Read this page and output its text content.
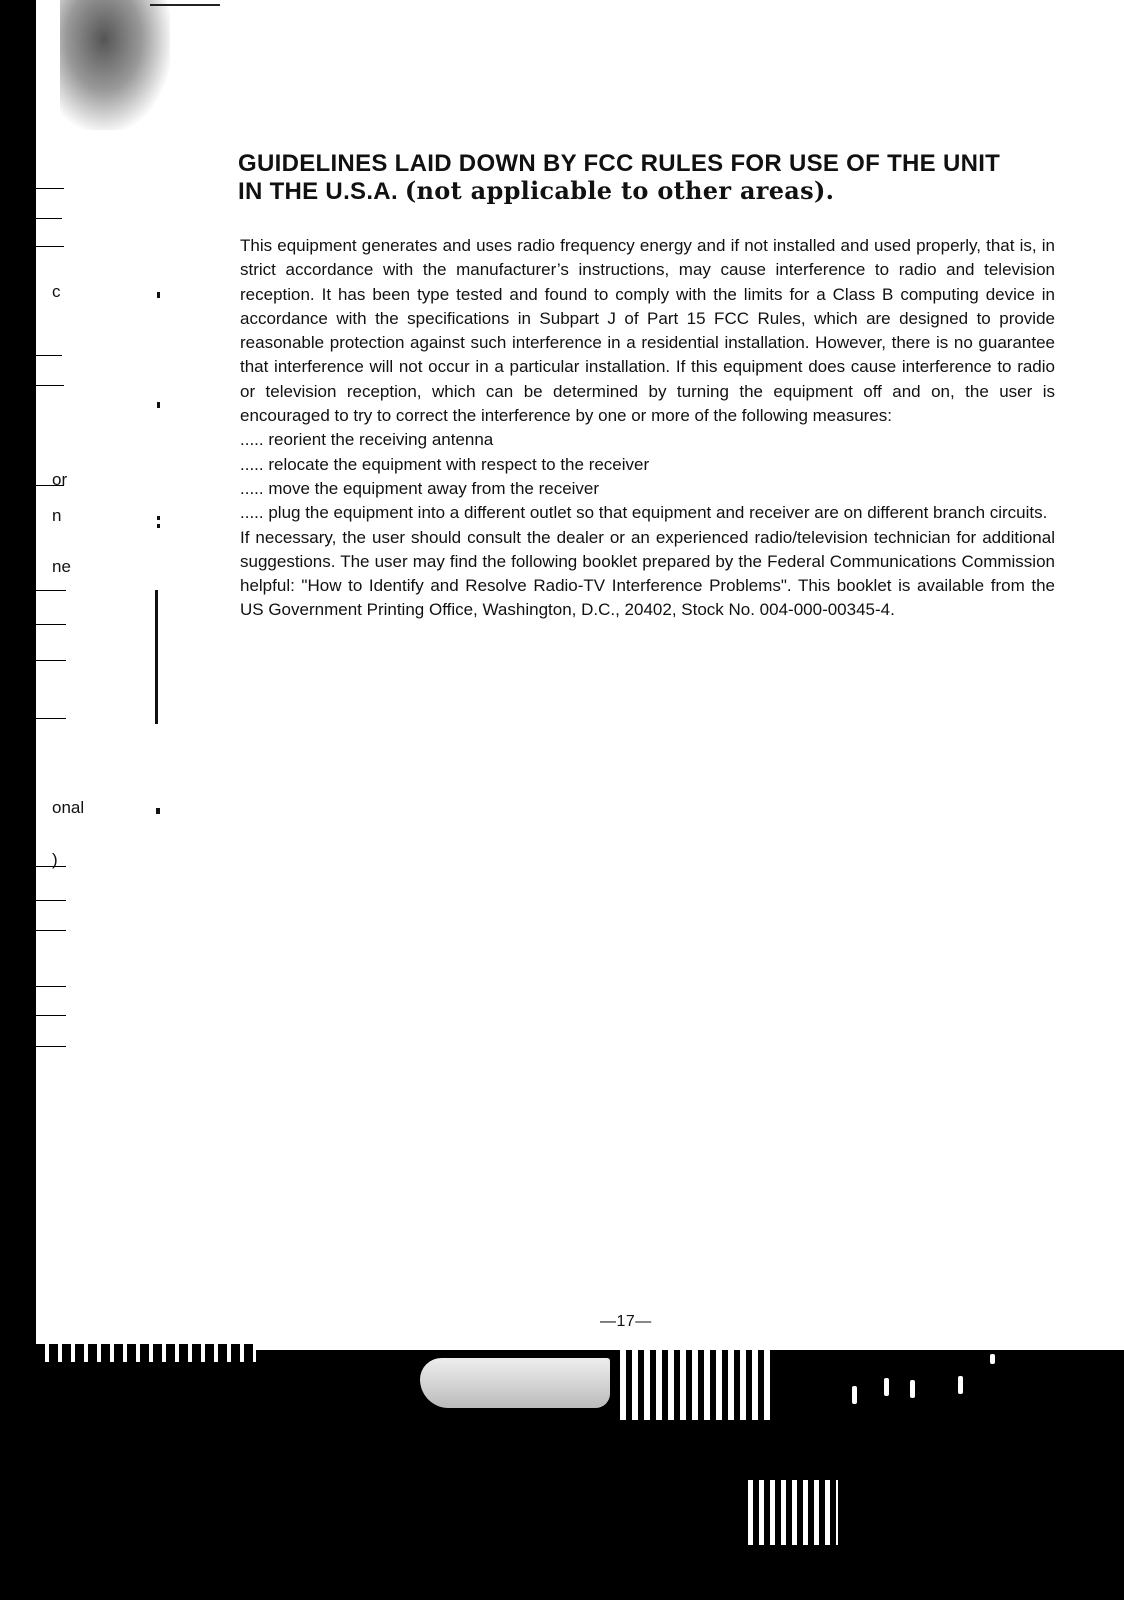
c
or
n
ne
onal
)
GUIDELINES LAID DOWN BY FCC RULES FOR USE OF THE UNIT
IN THE U.S.A. (not applicable to other areas).

This equipment generates and uses radio frequency energy and if not installed and used properly, that is, in strict accordance with the manufacturer’s instructions, may cause interference to radio and television reception. It has been type tested and found to comply with the limits for a Class B computing device in accordance with the specifications in Subpart J of Part 15 FCC Rules, which are designed to provide reasonable protection against such interference in a residential installation. However, there is no guarantee that interference will not occur in a particular installation. If this equipment does cause interference to radio or television reception, which can be determined by turning the equipment off and on, the user is encouraged to try to correct the interference by one or more of the following measures:

..... reorient the receiving antenna

..... relocate the equipment with respect to the receiver

..... move the equipment away from the receiver

..... plug the equipment into a different outlet so that equipment and receiver are on different branch circuits.

If necessary, the user should consult the dealer or an experienced radio/television technician for additional suggestions. The user may find the following booklet prepared by the Federal Communications Commission helpful: "How to Identify and Resolve Radio-TV Interference Problems". This booklet is available from the US Government Printing Office, Washington, D.C., 20402, Stock No. 004-000-00345-4.

—17—
